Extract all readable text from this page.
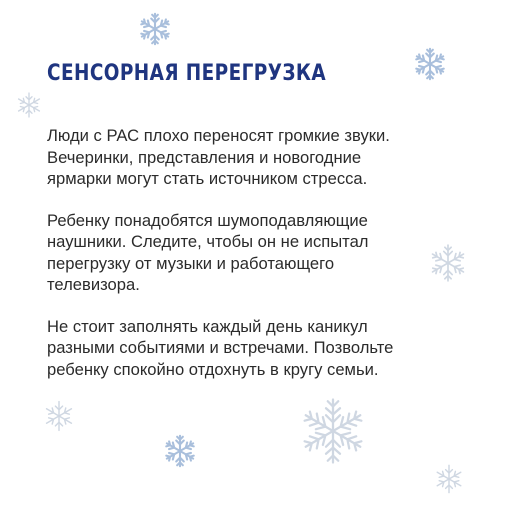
СЕНСОРНАЯ ПЕРЕГРУЗКА

Люди с РАС плохо переносят громкие звуки.
Вечеринки, представления и новогодние
ярмарки могут стать источником стресса.

Ребенку понадобятся шумоподавляющие
наушники. Следите, чтобы он не испытал
перегрузку от музыки и работающего
телевизора.

Не стоит заполнять каждый день каникул
разными событиями и встречами. Позвольте
ребенку спокойно отдохнуть в кругу семьи.
